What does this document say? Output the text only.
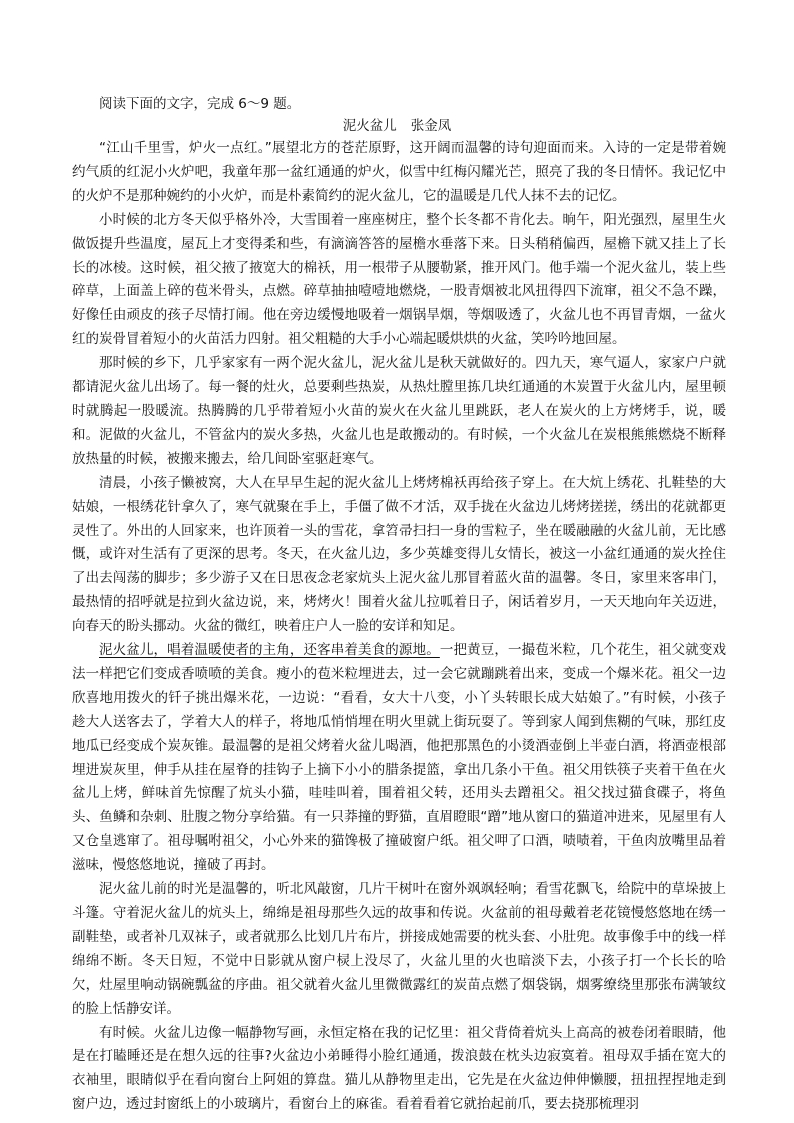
阅读下面的文字，完成 6～9 题。
泥火盆儿 张金凤

“江山千里雪，炉火一点红。”展望北方的苍茫原野，这开阔而温馨的诗句迎面而来。入诗的一定是带着婉约气质的红泥小火炉吧，我童年那一盆红通通的炉火，似雪中红梅闪耀光芒，照亮了我的冬日情怀。我记忆中的火炉不是那种婉约的小火炉，而是朴素简约的泥火盆儿，它的温暖是几代人抹不去的记忆。

小时候的北方冬天似乎格外冷，大雪围着一座座树庄，整个长冬都不肯化去。晌午，阳光强烈，屋里生火做饭提升些温度，屋瓦上才变得柔和些，有滴滴答答的屋檐水垂落下来。日头稍稍偏西，屋檐下就又挂上了长长的冰棱。这时候，祖父掖了掖宽大的棉袄，用一根带子从腰勒紧，推开风门。他手端一个泥火盆儿，装上些碎草，上面盖上碎的苞米骨头，点燃。碎草抽抽噎噎地燃烧，一股青烟被北风扭得四下流窜，祖父不急不躁，好像任由顽皮的孩子尽情打闹。他在旁边缓慢地吸着一烟锅旱烟，等烟吸透了，火盆儿也不再冒青烟，一盆火红的炭骨冒着短小的火苗活力四射。祖父粗糙的大手小心端起暖烘烘的火盆，笑吟吟地回屋。

那时候的乡下，几乎家家有一两个泥火盆儿，泥火盆儿是秋天就做好的。四九天，寒气逼人，家家户户就都请泥火盆儿出场了。每一餐的灶火，总要剩些热炭，从热灶膛里拣几块红通通的木炭置于火盆儿内，屋里顿时就腾起一股暖流。热腾腾的几乎带着短小火苗的炭火在火盆儿里跳跃，老人在炭火的上方烤烤手，说，暖和。泥做的火盆儿，不管盆内的炭火多热，火盆儿也是敢搬动的。有时候，一个火盆儿在炭根熊熊燃烧不断释放热量的时候，被搬来搬去，给几间卧室驱赶寒气。

清晨，小孩子懒被窝，大人在早早生起的泥火盆儿上烤烤棉袄再给孩子穿上。在大炕上绣花、扎鞋垫的大姑娘，一根绣花针拿久了，寒气就聚在手上，手僵了做不才活，双手拢在火盆边儿烤烤搓搓，绣出的花就都更灵性了。外出的人回家来，也许顶着一头的雪花，拿笤帚扫扫一身的雪粒子，坐在暖融融的火盆儿前，无比感慨，或许对生活有了更深的思考。冬天，在火盆儿边，多少英雄变得儿女情长，被这一小盆红通通的炭火拴住了出去闯荡的脚步；多少游子又在日思夜念老家炕头上泥火盆儿那冒着蓝火苗的温馨。冬日，家里来客串门，最热情的招呼就是拉到火盆边说，来，烤烤火！围着火盆儿拉呱着日子，闲话着岁月，一天天地向年关迈进，向春天的盼头挪动。火盆的微红，映着庄户人一脸的安详和知足。

泥火盆儿，唱着温暖使者的主角，还客串着美食的源地。一把黄豆，一撮苞米粒，几个花生，祖父就变戏法一样把它们变成香喷喷的美食。瘦小的苞米粒埋进去，过一会它就蹦跳着出来，变成一个爆米花。祖父一边欣喜地用拨火的钎子挑出爆米花，一边说：“看看，女大十八变，小丫头转眼长成大姑娘了。”有时候，小孩子趁大人送客去了，学着大人的样子，将地瓜悄悄埋在明火里就上街玩耍了。等到家人闻到焦糊的气味，那红皮地瓜已经变成个炭灰锥。最温馨的是祖父烤着火盆儿喝酒，他把那黑色的小烫酒壶倒上半壶白酒，将酒壶根部埋进炭灰里，伸手从挂在屋脊的挂钩子上摘下小小的腊条提篮，拿出几条小干鱼。祖父用铁筷子夹着干鱼在火盆儿上烤，鲜味首先惊醒了炕头小猫，哇哇叫着，围着祖父转，还用头去蹭祖父。祖父找过猫食碟子，将鱼头、鱼鳞和杂刺、肚腹之物分享给猫。有一只莽撞的野猫，直眉瞪眼“蹭”地从窗口的猫道冲进来，见屋里有人又仓皇逃窜了。祖母嘱咐祖父，小心外来的猫馋极了撞破窗户纸。祖父呷了口酒，啧啧着，干鱼肉放嘴里品着滋味，慢悠悠地说，撞破了再封。

泥火盆儿前的时光是温馨的，听北风敲窗，几片干树叶在窗外飒飒轻响；看雪花飘飞，给院中的草垛披上斗篷。守着泥火盆儿的炕头上，绵绵是祖母那些久远的故事和传说。火盆前的祖母戴着老花镜慢悠悠地在绣一副鞋垫，或者补几双袜子，或者就那么比划几片布片，拼接成她需要的枕头套、小肚兜。故事像手中的线一样绵绵不断。冬天日短，不觉中日影就从窗户棂上没尽了，火盆儿里的火也暗淡下去，小孩子打一个长长的哈欠，灶屋里响动锅碗瓢盆的序曲。祖父就着火盆儿里微微露红的炭苗点燃了烟袋锅，烟雾缭绕里那张布满皱纹的脸上恬静安详。

有时候。火盆儿边像一幅静物写画，永恒定格在我的记忆里：祖父背倚着炕头上高高的被卷闭着眼睛，他是在打瞌睡还是在想久远的往事?火盆边小弟睡得小脸红通通，拨浪鼓在枕头边寂寞着。祖母双手插在宽大的衣袖里，眼睛似乎在看向窗台上阿姐的算盘。猫儿从静物里走出，它先是在火盆边伸伸懒腰，扭扭捏捏地走到窗户边，透过封窗纸上的小玻璃片，看窗台上的麻雀。看着看着它就抬起前爪，要去挠那梳理羽
